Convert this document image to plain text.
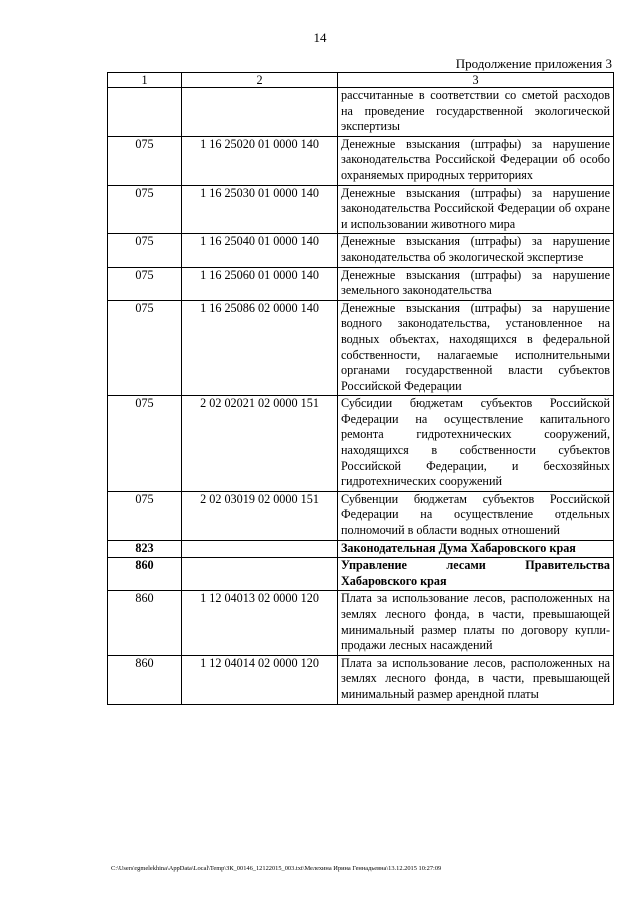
14
Продолжение приложения 3
1	2	3
		рассчитанные в соответствии со сметой расходов на проведение государственной экологической экспертизы
075	1 16 25020 01 0000 140	Денежные взыскания (штрафы) за нарушение законодательства Российской Федерации об особо охраняемых природных территориях
075	1 16 25030 01 0000 140	Денежные взыскания (штрафы) за нарушение законодательства Российской Федерации об охране и использовании животного мира
075	1 16 25040 01 0000 140	Денежные взыскания (штрафы) за нарушение законодательства об экологической экспертизе
075	1 16 25060 01 0000 140	Денежные взыскания (штрафы) за нарушение земельного законодательства
075	1 16 25086 02 0000 140	Денежные взыскания (штрафы) за нарушение водного законодательства, установленное на водных объектах, находящихся в федеральной собственности, налагаемые исполнительными органами государственной власти субъектов Российской Федерации
075	2 02 02021 02 0000 151	Субсидии бюджетам субъектов Российской Федерации на осуществление капитального ремонта гидротехнических сооружений, находящихся в собственности субъектов Российской Федерации, и бесхозяйных гидротехнических сооружений
075	2 02 03019 02 0000 151	Субвенции бюджетам субъектов Российской Федерации на осуществление отдельных полномочий в области водных отношений
823		Законодательная Дума Хабаровского края
860		Управление лесами Правительства Хабаровского края
860	1 12 04013 02 0000 120	Плата за использование лесов, расположенных на землях лесного фонда, в части, превышающей минимальный размер платы по договору купли-продажи лесных насаждений
860	1 12 04014 02 0000 120	Плата за использование лесов, расположенных на землях лесного фонда, в части, превышающей минимальный размер арендной платы
C:\Users\rgmelekhina\AppData\Local\Temp\ЗК_00146_12122015_003.txt\Мелехина Ирина Геннадьевна\13.12.2015 10:27:09
